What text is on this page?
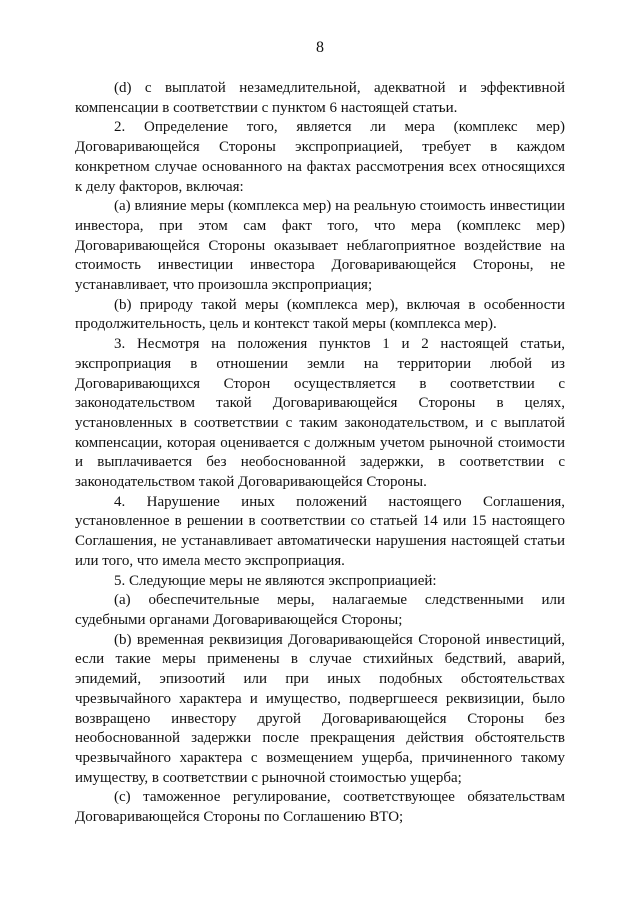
8

(d) с выплатой незамедлительной, адекватной и эффективной компенсации в соответствии с пунктом 6 настоящей статьи.

2. Определение того, является ли мера (комплекс мер) Договаривающейся Стороны экспроприацией, требует в каждом конкретном случае основанного на фактах рассмотрения всех относящихся к делу факторов, включая:

(a) влияние меры (комплекса мер) на реальную стоимость инвестиции инвестора, при этом сам факт того, что мера (комплекс мер) Договаривающейся Стороны оказывает неблагоприятное воздействие на стоимость инвестиции инвестора Договаривающейся Стороны, не устанавливает, что произошла экспроприация;

(b) природу такой меры (комплекса мер), включая в особенности продолжительность, цель и контекст такой меры (комплекса мер).

3. Несмотря на положения пунктов 1 и 2 настоящей статьи, экспроприация в отношении земли на территории любой из Договаривающихся Сторон осуществляется в соответствии с законодательством такой Договаривающейся Стороны в целях, установленных в соответствии с таким законодательством, и с выплатой компенсации, которая оценивается с должным учетом рыночной стоимости и выплачивается без необоснованной задержки, в соответствии с законодательством такой Договаривающейся Стороны.

4. Нарушение иных положений настоящего Соглашения, установленное в решении в соответствии со статьей 14 или 15 настоящего Соглашения, не устанавливает автоматически нарушения настоящей статьи или того, что имела место экспроприация.

5. Следующие меры не являются экспроприацией:

(a) обеспечительные меры, налагаемые следственными или судебными органами Договаривающейся Стороны;

(b) временная реквизиция Договаривающейся Стороной инвестиций, если такие меры применены в случае стихийных бедствий, аварий, эпидемий, эпизоотий или при иных подобных обстоятельствах чрезвычайного характера и имущество, подвергшееся реквизиции, было возвращено инвестору другой Договаривающейся Стороны без необоснованной задержки после прекращения действия обстоятельств чрезвычайного характера с возмещением ущерба, причиненного такому имуществу, в соответствии с рыночной стоимостью ущерба;

(c) таможенное регулирование, соответствующее обязательствам Договаривающейся Стороны по Соглашению ВТО;
